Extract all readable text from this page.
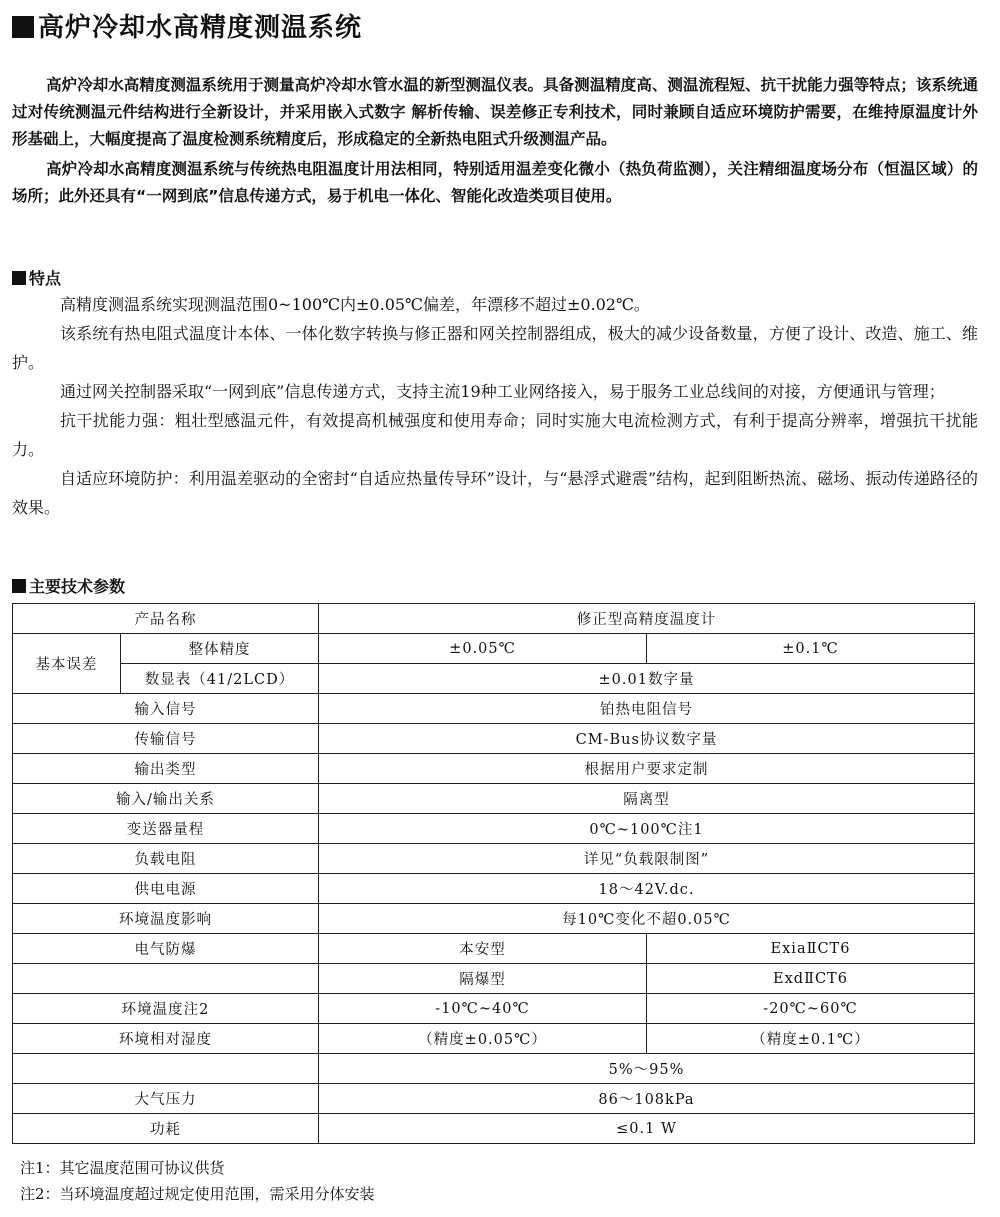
高炉冷却水高精度测温系统

高炉冷却水高精度测温系统用于测量高炉冷却水管水温的新型测温仪表。具备测温精度高、测温流程短、抗干扰能力强等特点；该系统通过对传统测温元件结构进行全新设计，并采用嵌入式数字 解析传输、误差修正专利技术，同时兼顾自适应环境防护需要，在维持原温度计外形基础上，大幅度提高了温度检测系统精度后，形成稳定的全新热电阻式升级测温产品。

高炉冷却水高精度测温系统与传统热电阻温度计用法相同，特别适用温差变化微小（热负荷监测），关注精细温度场分布（恒温区域）的场所；此外还具有“一网到底”信息传递方式，易于机电一体化、智能化改造类项目使用。

特点

高精度测温系统实现测温范围0~100℃内±0.05℃偏差，年漂移不超过±0.02℃。

该系统有热电阻式温度计本体、一体化数字转换与修正器和网关控制器组成，极大的减少设备数量，方便了设计、改造、施工、维护。

通过网关控制器采取“一网到底”信息传递方式，支持主流19种工业网络接入，易于服务工业总线间的对接，方便通讯与管理；

抗干扰能力强：粗壮型感温元件，有效提高机械强度和使用寿命；同时实施大电流检测方式，有利于提高分辨率，增强抗干扰能力。

自适应环境防护：利用温差驱动的全密封“自适应热量传导环”设计，与“悬浮式避震”结构，起到阻断热流、磁场、振动传递路径的效果。

主要技术参数
产品名称		修正型高精度温度计	
基本误差	整体精度	±0.05℃	±0.1℃
	数显表（41/2LCD）	±0.01数字量	
输入信号		铂热电阻信号	
传输信号		CM-Bus协议数字量	
输出类型		根据用户要求定制	
输入/输出关系		隔离型	
变送器量程		0℃~100℃注1	
负载电阻		详见“负载限制图”	
供电电源		18～42V.dc.	
环境温度影响		每10℃变化不超0.05℃	
电气防爆		本安型	ExiaⅡCT6
		隔爆型	ExdⅡCT6
环境温度注2		-10℃~40℃	-20℃~60℃
环境相对湿度		（精度±0.05℃）	（精度±0.1℃）
		5%～95%	
大气压力		86～108kPa	
功耗		≤0.1 W	
注1：其它温度范围可协议供货
注2：当环境温度超过规定使用范围，需采用分体安装
